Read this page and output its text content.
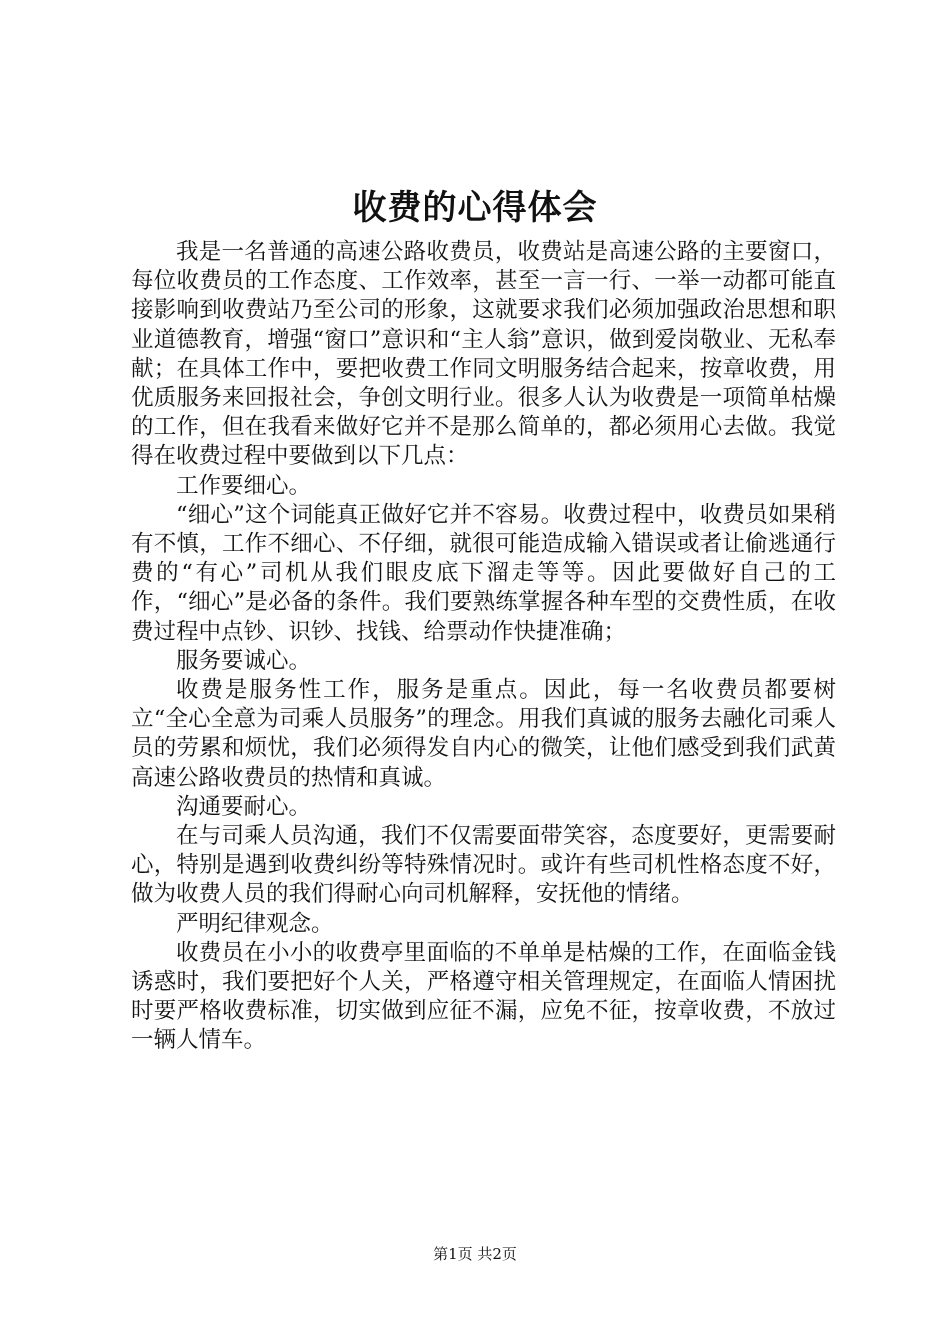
收费的心得体会

我是一名普通的高速公路收费员，收费站是高速公路的主要窗口，每位收费员的工作态度、工作效率，甚至一言一行、一举一动都可能直接影响到收费站乃至公司的形象，这就要求我们必须加强政治思想和职业道德教育，增强“窗口”意识和“主人翁”意识，做到爱岗敬业、无私奉献；在具体工作中，要把收费工作同文明服务结合起来，按章收费，用优质服务来回报社会，争创文明行业。很多人认为收费是一项简单枯燥的工作，但在我看来做好它并不是那么简单的，都必须用心去做。我觉得在收费过程中要做到以下几点：

工作要细心。

“细心”这个词能真正做好它并不容易。收费过程中，收费员如果稍有不慎，工作不细心、不仔细，就很可能造成输入错误或者让偷逃通行费的“有心”司机从我们眼皮底下溜走等等。因此要做好自己的工作，“细心”是必备的条件。我们要熟练掌握各种车型的交费性质，在收费过程中点钞、识钞、找钱、给票动作快捷准确；

服务要诚心。

收费是服务性工作，服务是重点。因此，每一名收费员都要树立“全心全意为司乘人员服务”的理念。用我们真诚的服务去融化司乘人员的劳累和烦忧，我们必须得发自内心的微笑，让他们感受到我们武黄高速公路收费员的热情和真诚。

沟通要耐心。

在与司乘人员沟通，我们不仅需要面带笑容，态度要好，更需要耐心，特别是遇到收费纠纷等特殊情况时。或许有些司机性格态度不好，做为收费人员的我们得耐心向司机解释，安抚他的情绪。

严明纪律观念。

收费员在小小的收费亭里面临的不单单是枯燥的工作，在面临金钱诱惑时，我们要把好个人关，严格遵守相关管理规定，在面临人情困扰时要严格收费标准，切实做到应征不漏，应免不征，按章收费，不放过一辆人情车。

第1页 共2页
